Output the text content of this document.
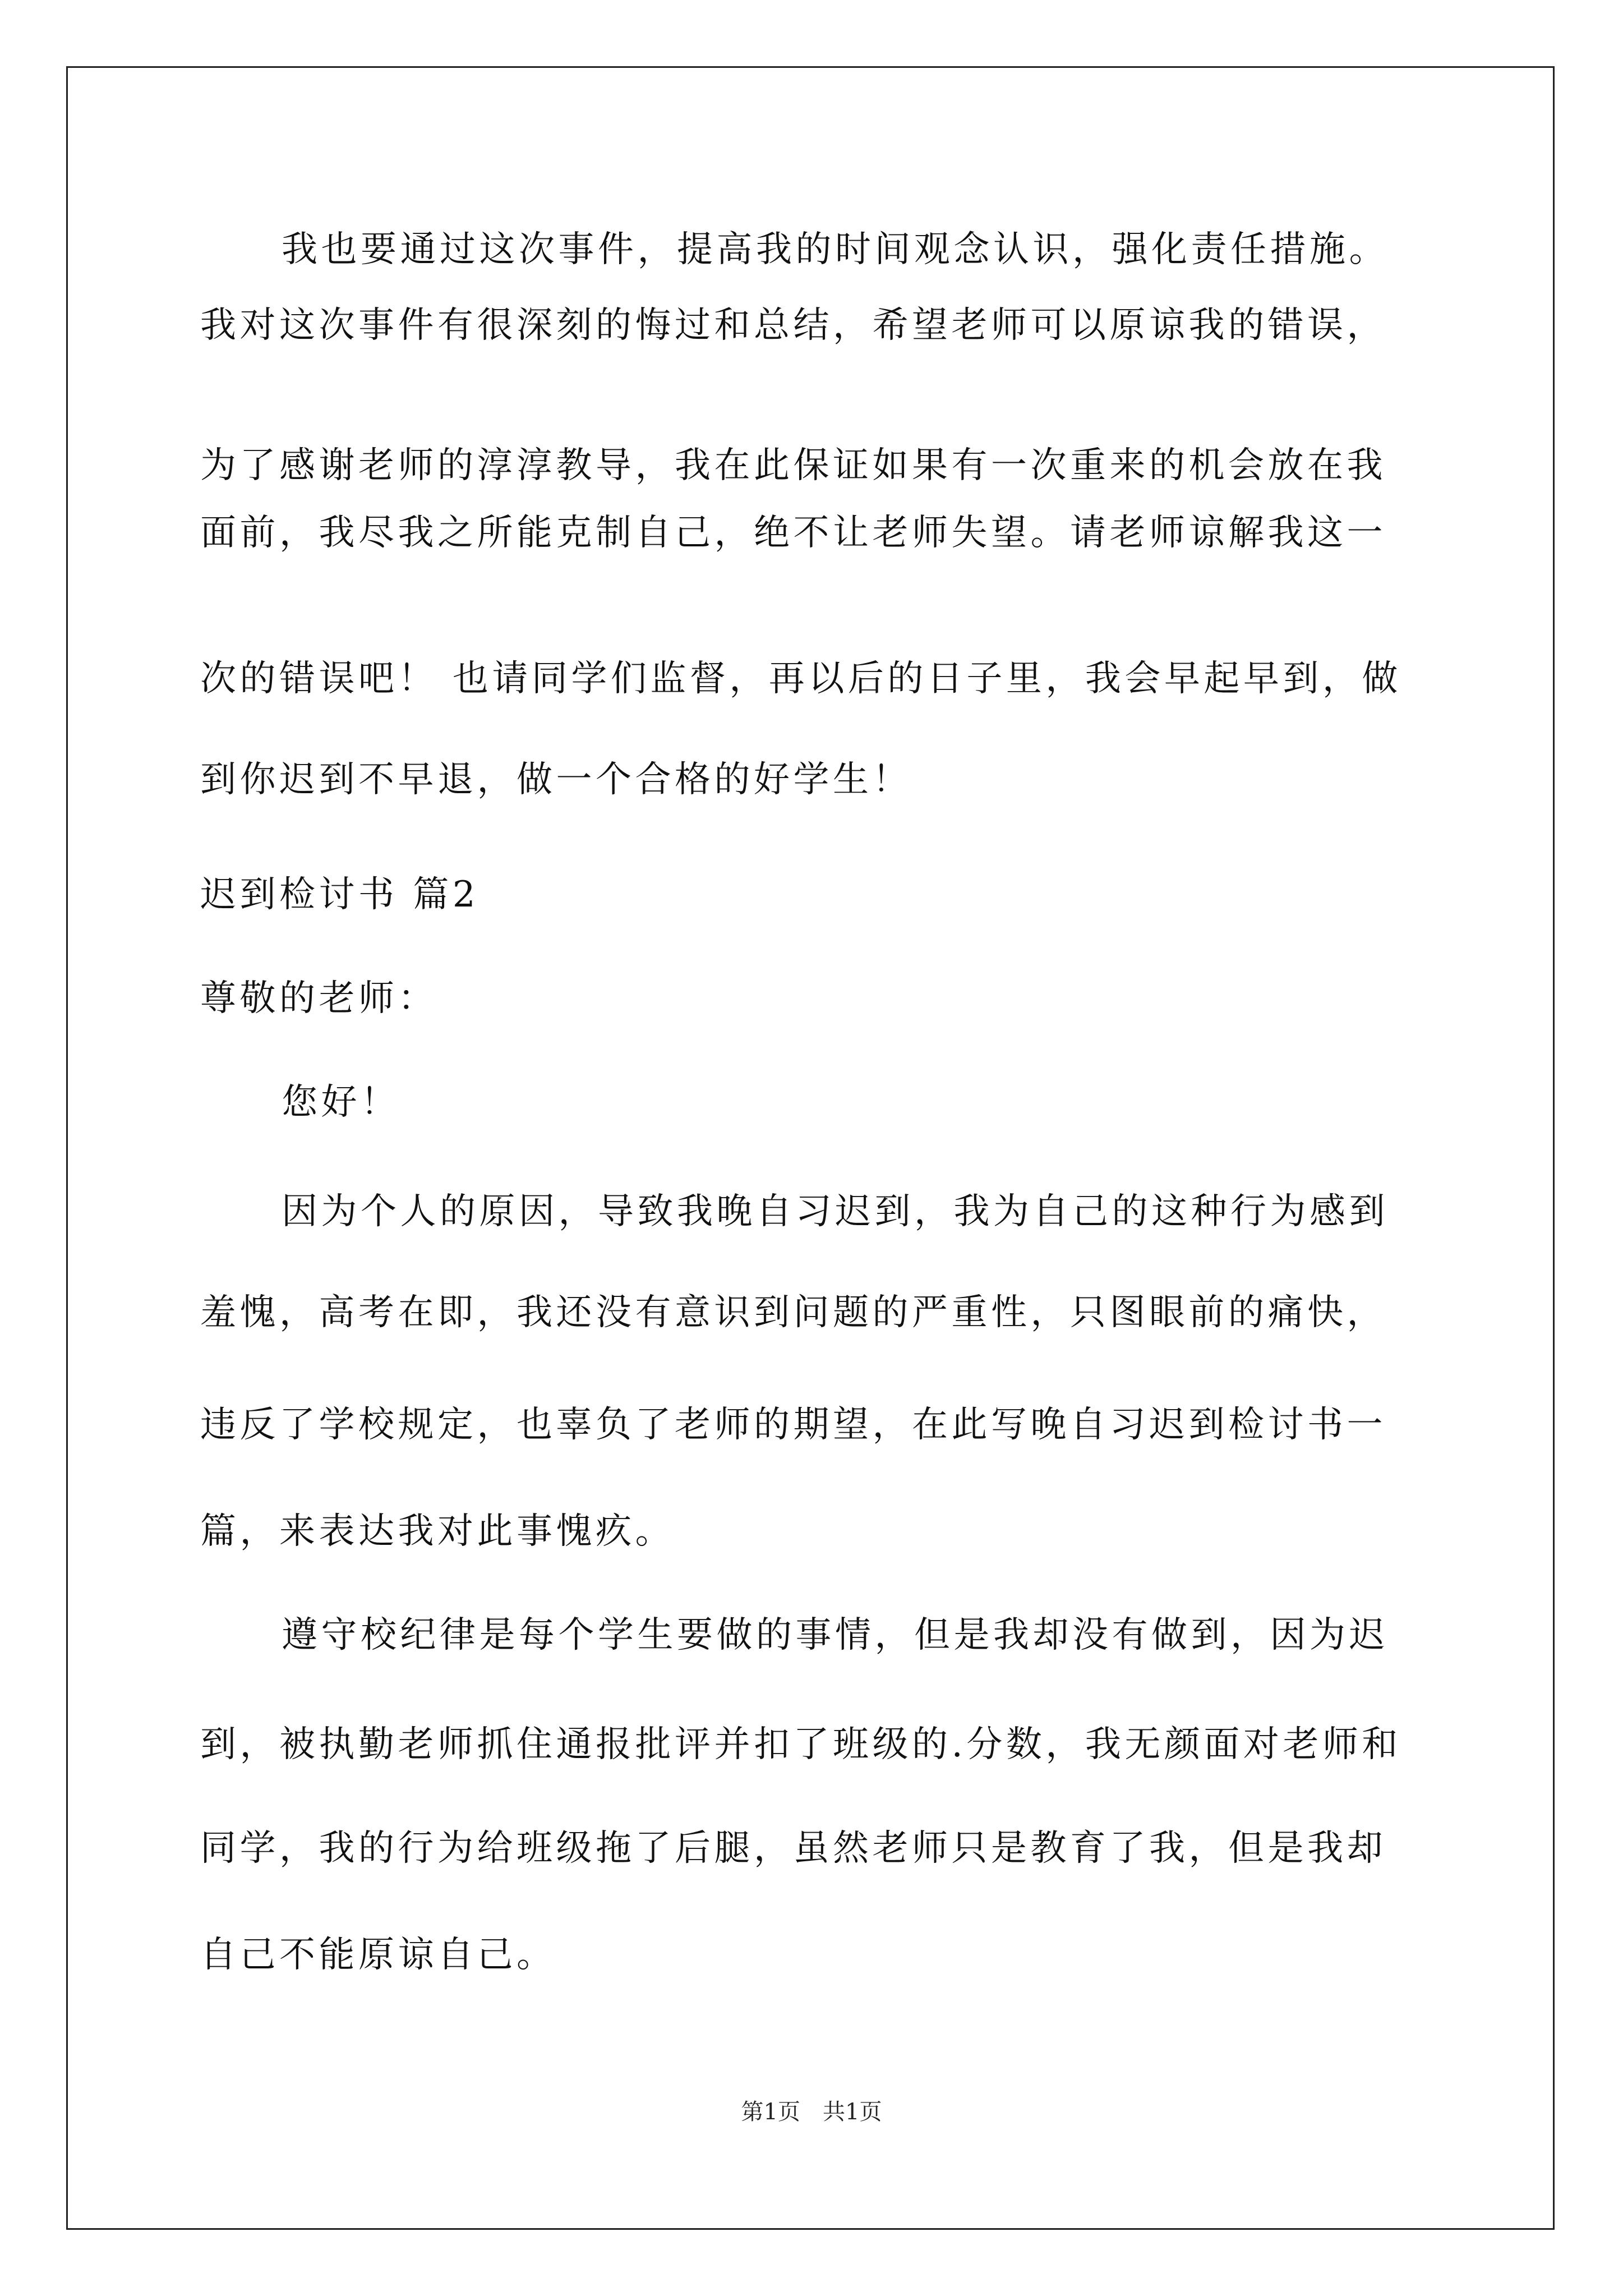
我也要通过这次事件，提高我的时间观念认识，强化责任措施。
我对这次事件有很深刻的悔过和总结，希望老师可以原谅我的错误，
为了感谢老师的淳淳教导，我在此保证如果有一次重来的机会放在我
面前，我尽我之所能克制自己，绝不让老师失望。请老师谅解我这一
次的错误吧！ 也请同学们监督，再以后的日子里，我会早起早到，做
到你迟到不早退，做一个合格的好学生！
迟到检讨书 篇2
尊敬的老师：
您好！
因为个人的原因，导致我晚自习迟到，我为自己的这种行为感到
羞愧，高考在即，我还没有意识到问题的严重性，只图眼前的痛快，
违反了学校规定，也辜负了老师的期望，在此写晚自习迟到检讨书一
篇，来表达我对此事愧疚。
遵守校纪律是每个学生要做的事情，但是我却没有做到，因为迟
到，被执勤老师抓住通报批评并扣了班级的.分数，我无颜面对老师和
同学，我的行为给班级拖了后腿，虽然老师只是教育了我，但是我却
自己不能原谅自己。
第1页　共1页
